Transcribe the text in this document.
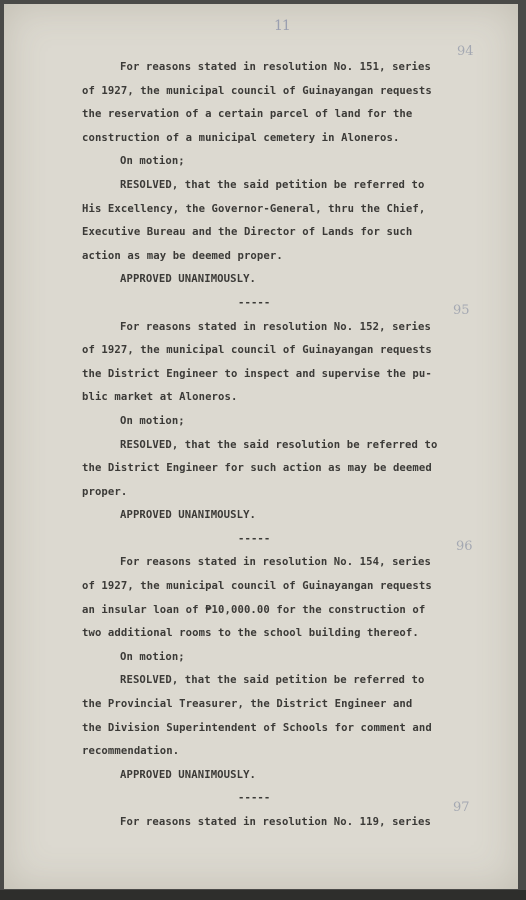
11
94
95
96
97
For reasons stated in resolution No. 151, series
of 1927, the municipal council of Guinayangan requests
the reservation of a certain parcel of land for the
construction of a municipal cemetery in Aloneros.
On motion;
RESOLVED, that the said petition be referred to
His Excellency, the Governor-General, thru the Chief,
Executive Bureau and the Director of Lands for such
action as may be deemed proper.
APPROVED UNANIMOUSLY.
-----
For reasons stated in resolution No. 152, series
of 1927, the municipal council of Guinayangan requests
the District Engineer to inspect and supervise the pu-
blic market at Aloneros.
On motion;
RESOLVED, that the said resolution be referred to
the District Engineer for such action as may be deemed
proper.
APPROVED UNANIMOUSLY.
-----
For reasons stated in resolution No. 154, series
of 1927, the municipal council of Guinayangan requests
an insular loan of ₱10,000.00 for the construction of
two additional rooms to the school building thereof.
On motion;
RESOLVED, that the said petition be referred to
the Provincial Treasurer, the District Engineer and
the Division Superintendent of Schools for comment and
recommendation.
APPROVED UNANIMOUSLY.
-----
For reasons stated in resolution No. 119, series
